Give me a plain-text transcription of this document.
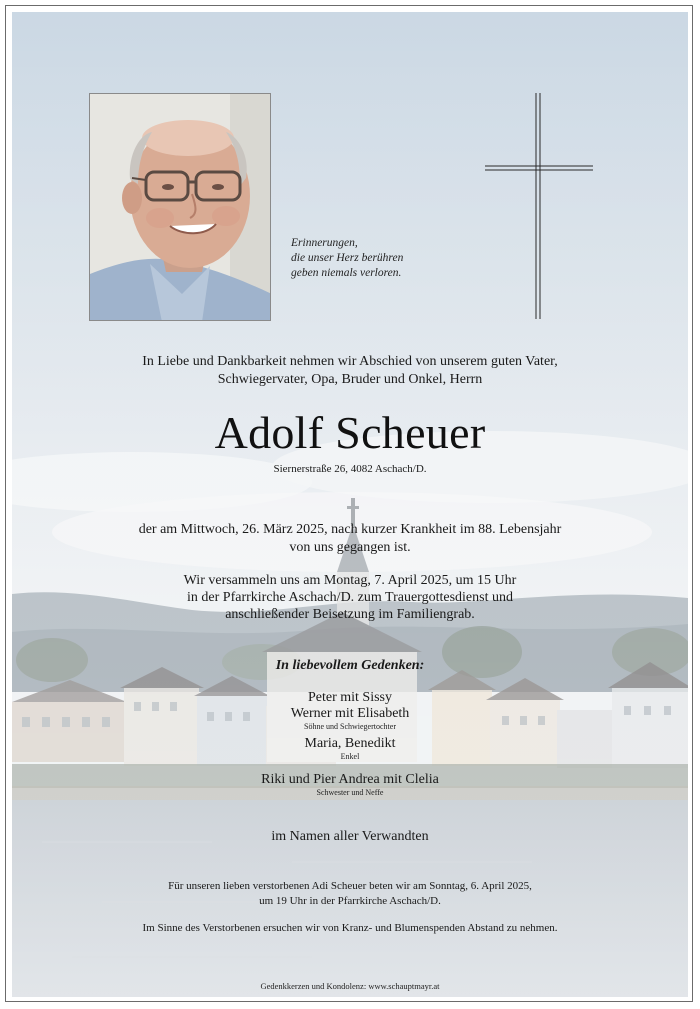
Erinnerungen,
die unser Herz berühren
geben niemals verloren.
In Liebe und Dankbarkeit nehmen wir Abschied von unserem guten Vater,
Schwiegervater, Opa, Bruder und Onkel, Herrn
Adolf Scheuer
Siernerstraße 26, 4082 Aschach/D.
der am Mittwoch, 26. März 2025, nach kurzer Krankheit im 88. Lebensjahr
von uns gegangen ist.
Wir versammeln uns am Montag, 7. April 2025, um 15 Uhr
in der Pfarrkirche Aschach/D. zum Trauergottesdienst und
anschließender Beisetzung im Familiengrab.
In liebevollem Gedenken:
Peter mit Sissy
Werner mit Elisabeth
Söhne und Schwiegertochter
Maria, Benedikt
Enkel
Riki und Pier Andrea mit Clelia
Schwester und Neffe
im Namen aller Verwandten
Für unseren lieben verstorbenen Adi Scheuer beten wir am Sonntag, 6. April 2025,
um 19 Uhr in der Pfarrkirche Aschach/D.
Im Sinne des Verstorbenen ersuchen wir von Kranz- und Blumenspenden Abstand zu nehmen.
Gedenkkerzen und Kondolenz: www.schauptmayr.at
